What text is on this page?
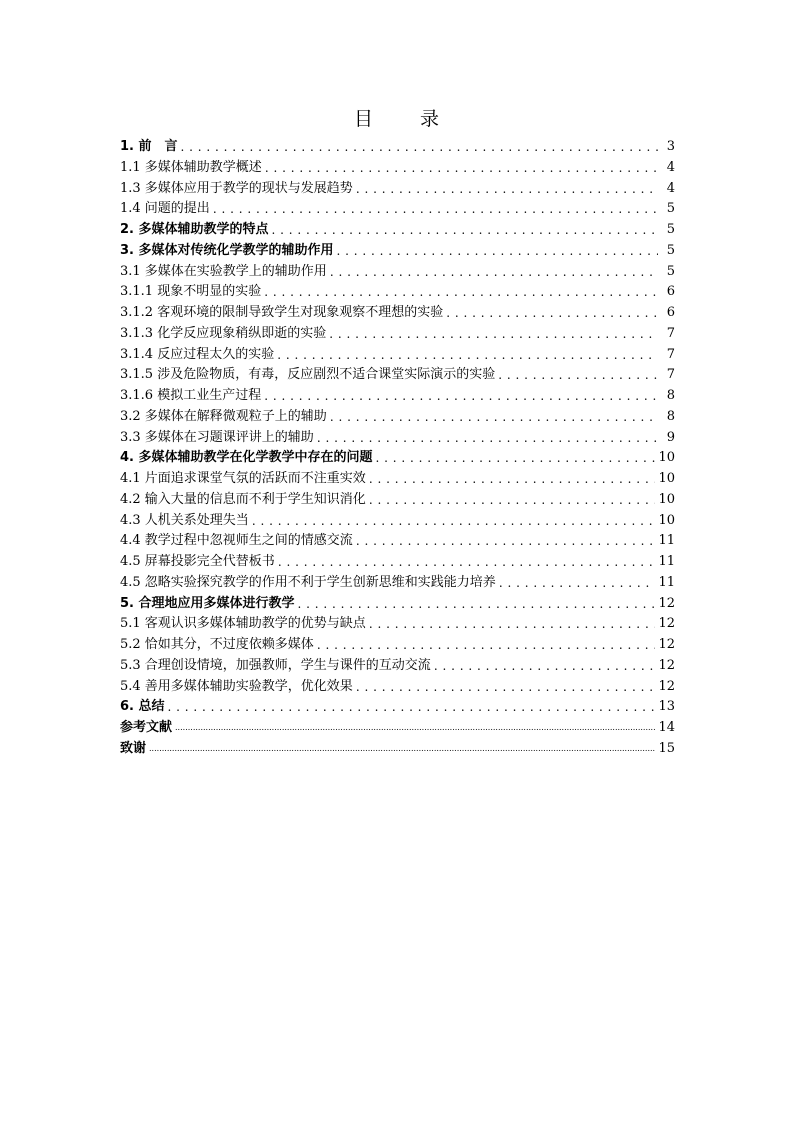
目　录
1. 前　言 . . .	3
1.1 多媒体辅助教学概述 . . .	4
1.3 多媒体应用于教学的现状与发展趋势 . . .	4
1.4 问题的提出 . . .	5
2. 多媒体辅助教学的特点 . . .	5
3. 多媒体对传统化学教学的辅助作用 . . .	5
3.1 多媒体在实验教学上的辅助作用 . . .	5
3.1.1 现象不明显的实验 . . .	6
3.1.2 客观环境的限制导致学生对现象观察不理想的实验 . . .	6
3.1.3 化学反应现象稍纵即逝的实验 . . .	7
3.1.4 反应过程太久的实验 . . .	7
3.1.5 涉及危险物质，有毒，反应剧烈不适合课堂实际演示的实验 . . .	7
3.1.6 模拟工业生产过程 . . .	8
3.2 多媒体在解释微观粒子上的辅助 . . .	8
3.3 多媒体在习题课评讲上的辅助 . . .	9
4. 多媒体辅助教学在化学教学中存在的问题 . . .	10
4.1 片面追求课堂气氛的活跃而不注重实效 . . .	10
4.2 输入大量的信息而不利于学生知识消化 . . .	10
4.3 人机关系处理失当 . . .	10
4.4 教学过程中忽视师生之间的情感交流 . . .	11
4.5 屏幕投影完全代替板书 . . .	11
4.5 忽略实验探究教学的作用不利于学生创新思维和实践能力培养 . . .	11
5. 合理地应用多媒体进行教学 . . .	12
5.1 客观认识多媒体辅助教学的优势与缺点 . . .	12
5.2 恰如其分，不过度依赖多媒体 . . .	12
5.3 合理创设情境，加强教师，学生与课件的互动交流 . . .	12
5.4 善用多媒体辅助实验教学，优化效果 . . .	12
6. 总结 . . .	13
参考文献 .....	14
致谢 .....	15
